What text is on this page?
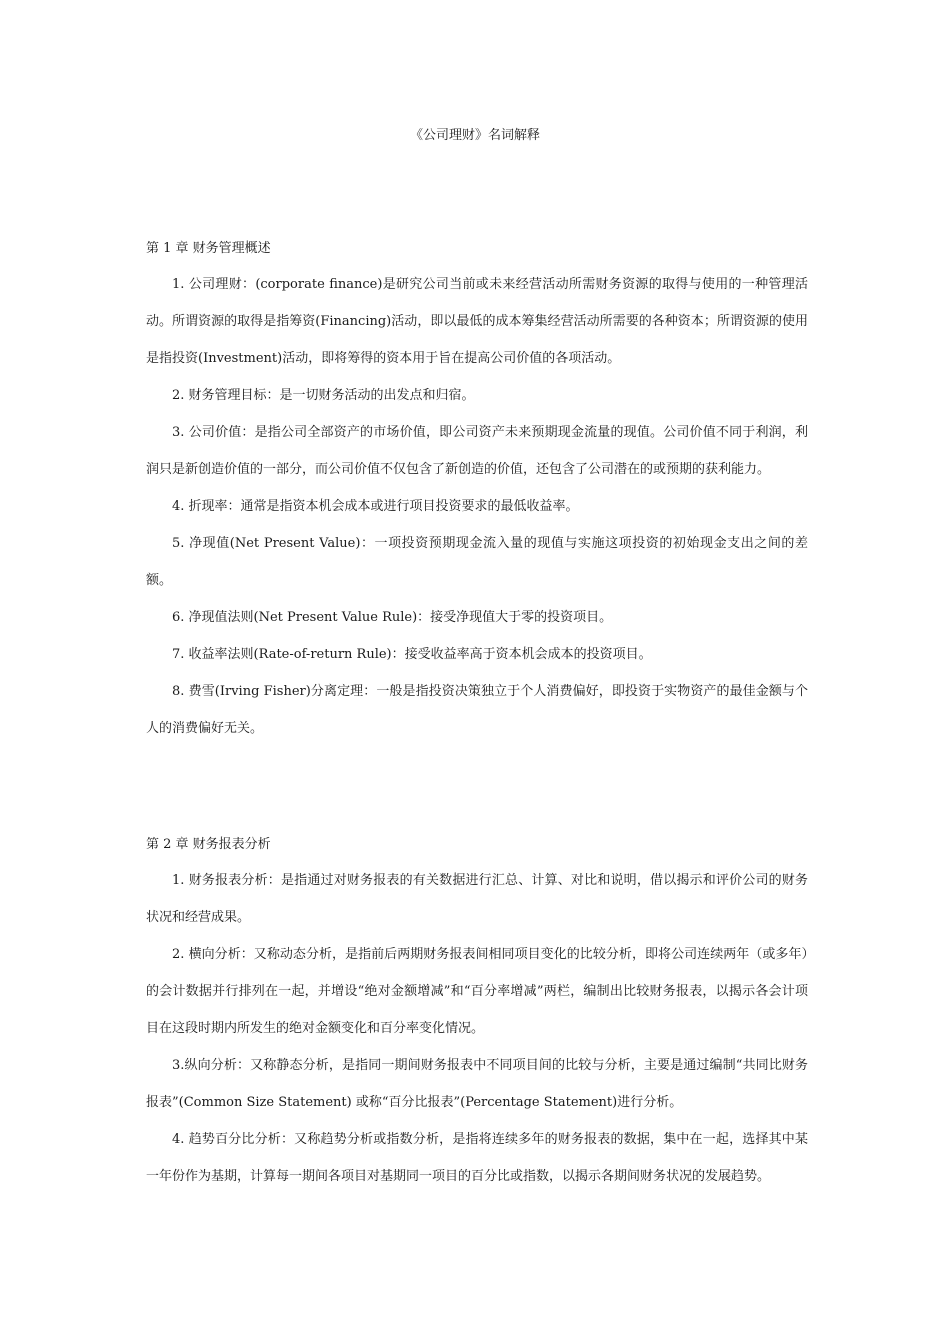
《公司理财》名词解释
第 1 章 财务管理概述

1. 公司理财：(corporate finance)是研究公司当前或未来经营活动所需财务资源的取得与使用的一种管理活动。所谓资源的取得是指筹资(Financing)活动，即以最低的成本筹集经营活动所需要的各种资本；所谓资源的使用是指投资(Investment)活动，即将筹得的资本用于旨在提高公司价值的各项活动。

2. 财务管理目标：是一切财务活动的出发点和归宿。

3. 公司价值：是指公司全部资产的市场价值，即公司资产未来预期现金流量的现值。公司价值不同于利润，利润只是新创造价值的一部分，而公司价值不仅包含了新创造的价值，还包含了公司潜在的或预期的获利能力。

4. 折现率：通常是指资本机会成本或进行项目投资要求的最低收益率。

5. 净现值(Net Present Value)：一项投资预期现金流入量的现值与实施这项投资的初始现金支出之间的差额。

6. 净现值法则(Net Present Value Rule)：接受净现值大于零的投资项目。

7. 收益率法则(Rate-of-return Rule)：接受收益率高于资本机会成本的投资项目。

8. 费雪(Irving Fisher)分离定理：一般是指投资决策独立于个人消费偏好，即投资于实物资产的最佳金额与个人的消费偏好无关。

第 2 章 财务报表分析

1. 财务报表分析：是指通过对财务报表的有关数据进行汇总、计算、对比和说明，借以揭示和评价公司的财务状况和经营成果。

2. 横向分析：又称动态分析，是指前后两期财务报表间相同项目变化的比较分析，即将公司连续两年（或多年）的会计数据并行排列在一起，并增设“绝对金额增减”和“百分率增减”两栏，编制出比较财务报表，以揭示各会计项目在这段时期内所发生的绝对金额变化和百分率变化情况。

3.纵向分析：又称静态分析，是指同一期间财务报表中不同项目间的比较与分析，主要是通过编制“共同比财务报表”(Common Size Statement) 或称“百分比报表”(Percentage Statement)进行分析。

4. 趋势百分比分析：又称趋势分析或指数分析，是指将连续多年的财务报表的数据，集中在一起，选择其中某一年份作为基期，计算每一期间各项目对基期同一项目的百分比或指数，以揭示各期间财务状况的发展趋势。
